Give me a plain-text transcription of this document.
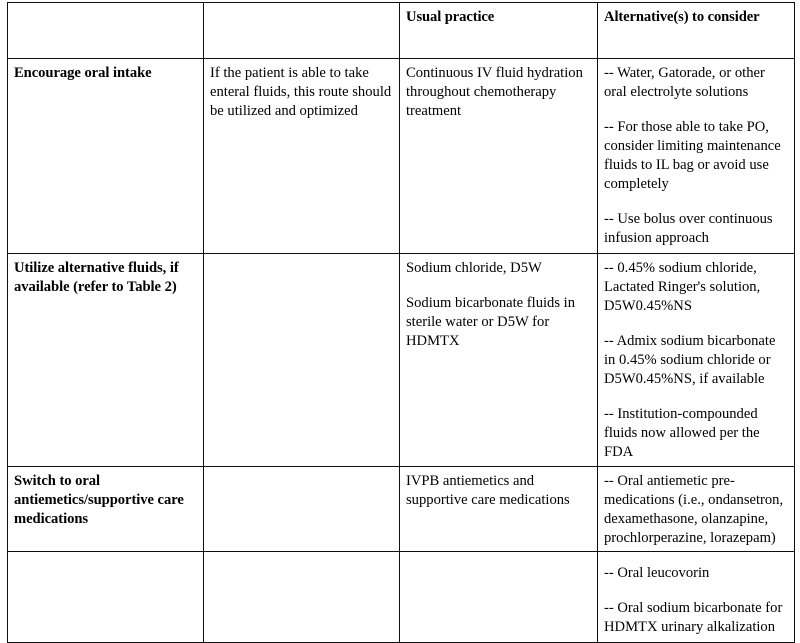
		Usual practice	Alternative(s) to consider

Encourage oral intake	If the patient is able to take enteral fluids, this route should be utilized and optimized	Continuous IV fluid hydration throughout chemotherapy treatment	-- Water, Gatorade, or other oral electrolyte solutions
-- For those able to take PO, consider limiting maintenance fluids to IL bag or avoid use completely
-- Use bolus over continuous infusion approach

Utilize alternative fluids, if available (refer to Table 2)		Sodium chloride, D5W
Sodium bicarbonate fluids in sterile water or D5W for HDMTX	-- 0.45% sodium chloride, Lactated Ringer's solution, D5W0.45%NS
-- Admix sodium bicarbonate in 0.45% sodium chloride or D5W0.45%NS, if available
-- Institution-compounded fluids now allowed per the FDA

Switch to oral antiemetics/supportive care medications		IVPB antiemetics and supportive care medications	-- Oral antiemetic pre-medications (i.e., ondansetron, dexamethasone, olanzapine, prochlorperazine, lorazepam)
-- Oral leucovorin
-- Oral sodium bicarbonate for HDMTX urinary alkalization
